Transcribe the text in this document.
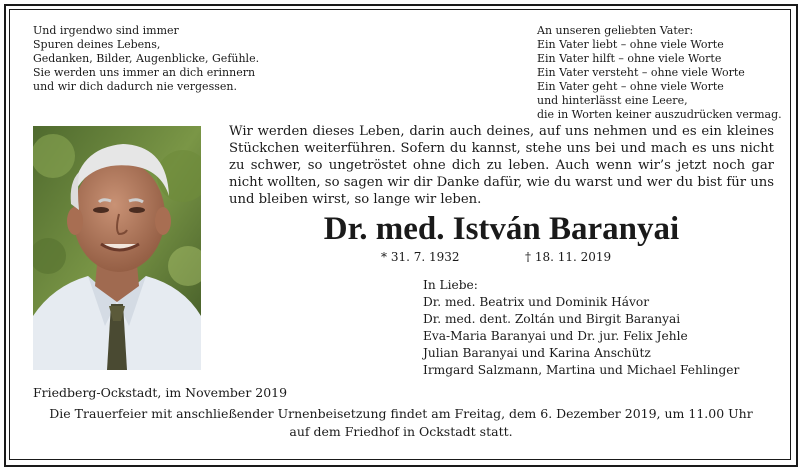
Und irgendwo sind immer
Spuren deines Lebens,
Gedanken, Bilder, Augenblicke, Gefühle.
Sie werden uns immer an dich erinnern
und wir dich dadurch nie vergessen.
An unseren geliebten Vater:
Ein Vater liebt – ohne viele Worte
Ein Vater hilft – ohne viele Worte
Ein Vater versteht – ohne viele Worte
Ein Vater geht – ohne viele Worte
und hinterlässt eine Leere,
die in Worten keiner auszudrücken vermag.
Wir werden dieses Leben, darin auch deines, auf uns nehmen und es ein kleines
Stückchen weiterführen. Sofern du kannst, stehe uns bei und mach es uns nicht
zu schwer, so ungetröstet ohne dich zu leben. Auch wenn wir’s jetzt noch gar
nicht wollten, so sagen wir dir Danke dafür, wie du warst und wer du bist für uns
und bleiben wirst, so lange wir leben.
Dr. med. István Baranyai
* 31. 7. 1932	† 18. 11. 2019
In Liebe:
Dr. med. Beatrix und Dominik Hávor
Dr. med. dent. Zoltán und Birgit Baranyai
Eva-Maria Baranyai und Dr. jur. Felix Jehle
Julian Baranyai und Karina Anschütz
Irmgard Salzmann, Martina und Michael Fehlinger
Friedberg-Ockstadt, im November 2019
Die Trauerfeier mit anschließender Urnenbeisetzung findet am Freitag, dem 6. Dezember 2019, um 11.00 Uhr
auf dem Friedhof in Ockstadt statt.
